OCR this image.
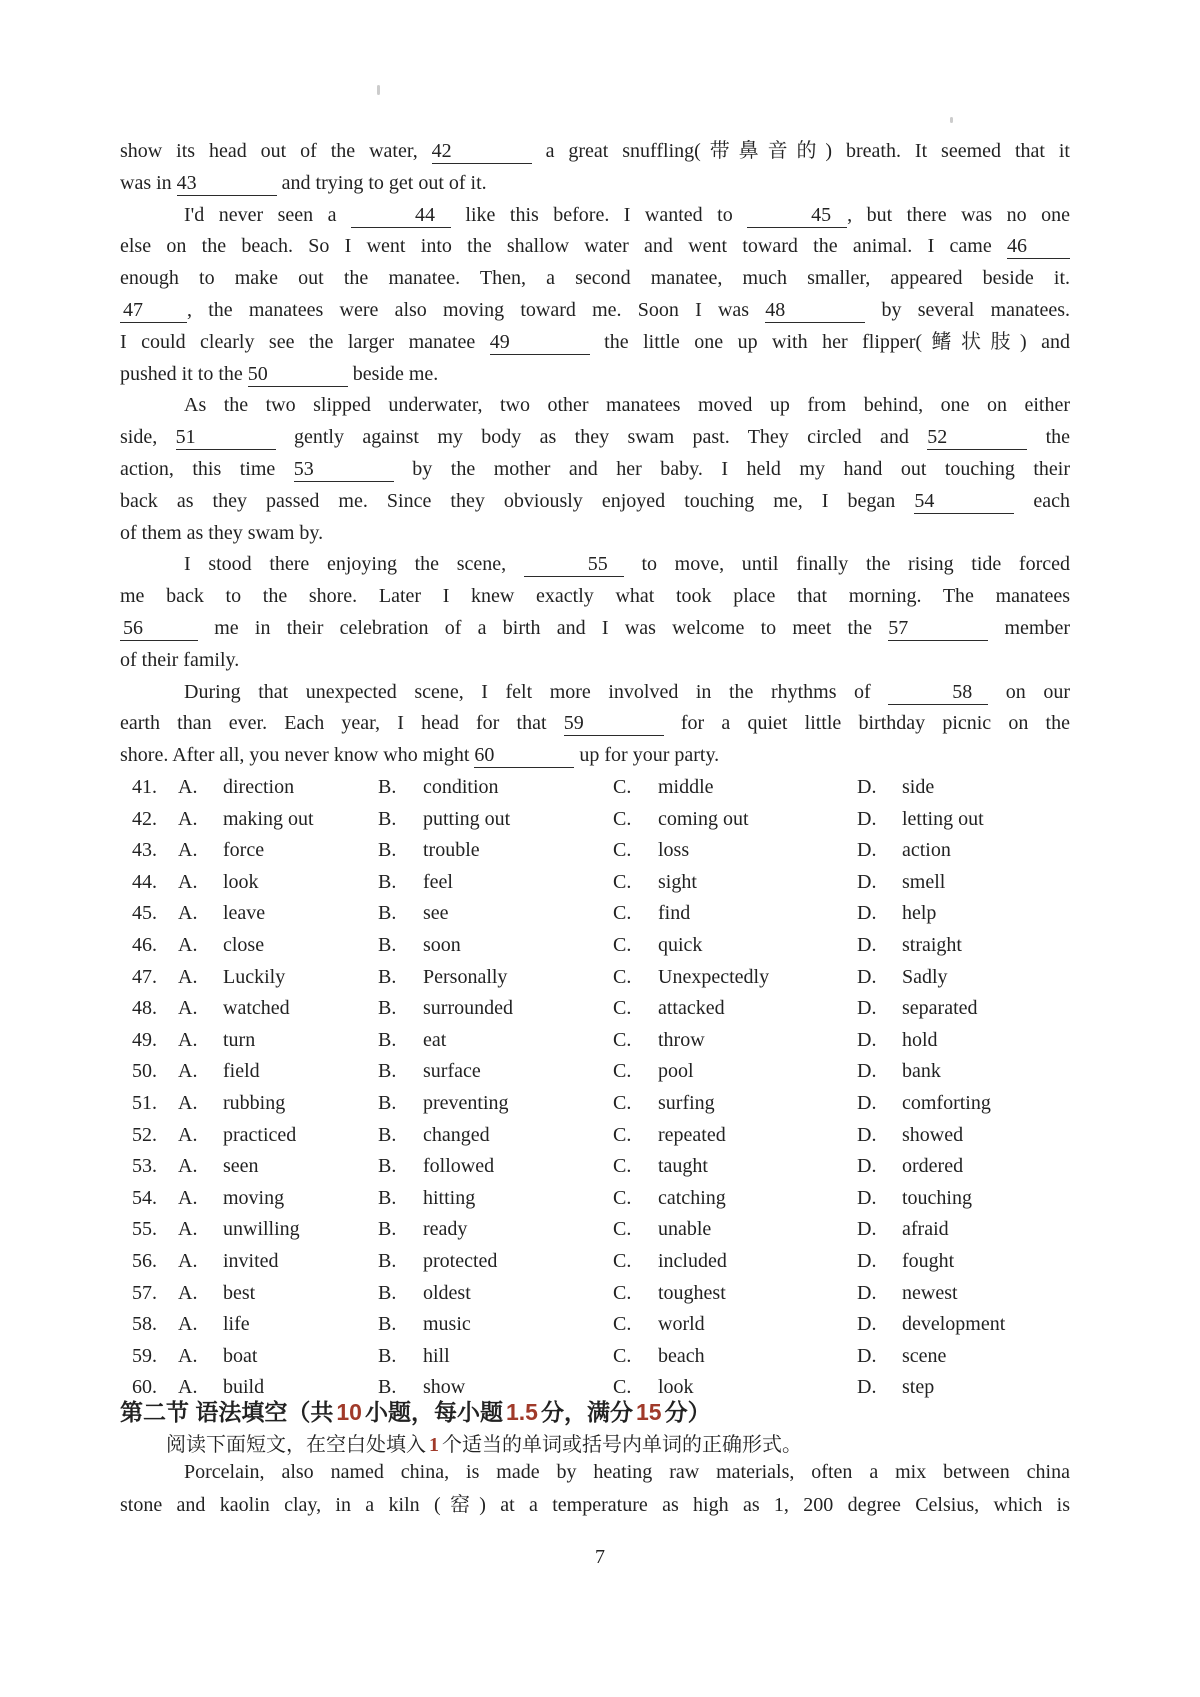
show its head out of the water, 42	a great snuffling(带鼻音的) breath. It seemed that it
was in 43	and trying to get out of it.
I'd never seen a	44 like this before. I wanted to	45 , but there was no one
else on the beach. So I went into the shallow water and went toward the animal. I came 46
enough to make out the manatee. Then, a second manatee, much smaller, appeared beside it.
47 , the manatees were also moving toward me. Soon I was 48	by several manatees.
I could clearly see the larger manatee 49	the little one up with her flipper(鳍状肢) and
pushed it to the 50	beside me.
As the two slipped underwater, two other manatees moved up from behind, one on either
side, 51	gently against my body as they swam past. They circled and 52	the
action, this time 53	by the mother and her baby. I held my hand out touching their
back as they passed me. Since they obviously enjoyed touching me, I began 54	each
of them as they swam by.
I stood there enjoying the scene,	55 to move, until finally the rising tide forced
me back to the shore. Later I knew exactly what took place that morning. The manatees
56	me in their celebration of a birth and I was welcome to meet the 57	member
of their family.
During that unexpected scene, I felt more involved in the rhythms of	58 on our
earth than ever. Each year, I head for that 59	for a quiet little birthday picnic on the
shore. After all, you never know who might 60	up for your party.
41.	A. direction	B. condition	C. middle	D. side
42.	A. making out	B. putting out	C. coming out	D. letting out
43.	A. force	B. trouble	C. loss	D. action
44.	A. look	B. feel	C. sight	D. smell
45.	A. leave	B. see	C. find	D. help
46.	A. close	B. soon	C. quick	D. straight
47.	A. Luckily	B. Personally	C. Unexpectedly	D. Sadly
48.	A. watched	B. surrounded	C. attacked	D. separated
49.	A. turn	B. eat	C. throw	D. hold
50.	A. field	B. surface	C. pool	D. bank
51.	A. rubbing	B. preventing	C. surfing	D. comforting
52.	A. practiced	B. changed	C. repeated	D. showed
53.	A. seen	B. followed	C. taught	D. ordered
54.	A. moving	B. hitting	C. catching	D. touching
55.	A. unwilling	B. ready	C. unable	D. afraid
56.	A. invited	B. protected	C. included	D. fought
57.	A. best	B. oldest	C. toughest	D. newest
58.	A. life	B. music	C. world	D. development
59.	A. boat	B. hill	C. beach	D. scene
60.	A. build	B. show	C. look	D. step
第二节 语法填空（共 10 小题，每小题 1.5 分，满分 15 分）
阅读下面短文，在空白处填入 1 个适当的单词或括号内单词的正确形式。
Porcelain, also named china, is made by heating raw materials, often a mix between china
stone and kaolin clay, in a kiln (窑) at a temperature as high as 1, 200 degree Celsius, which is
7
